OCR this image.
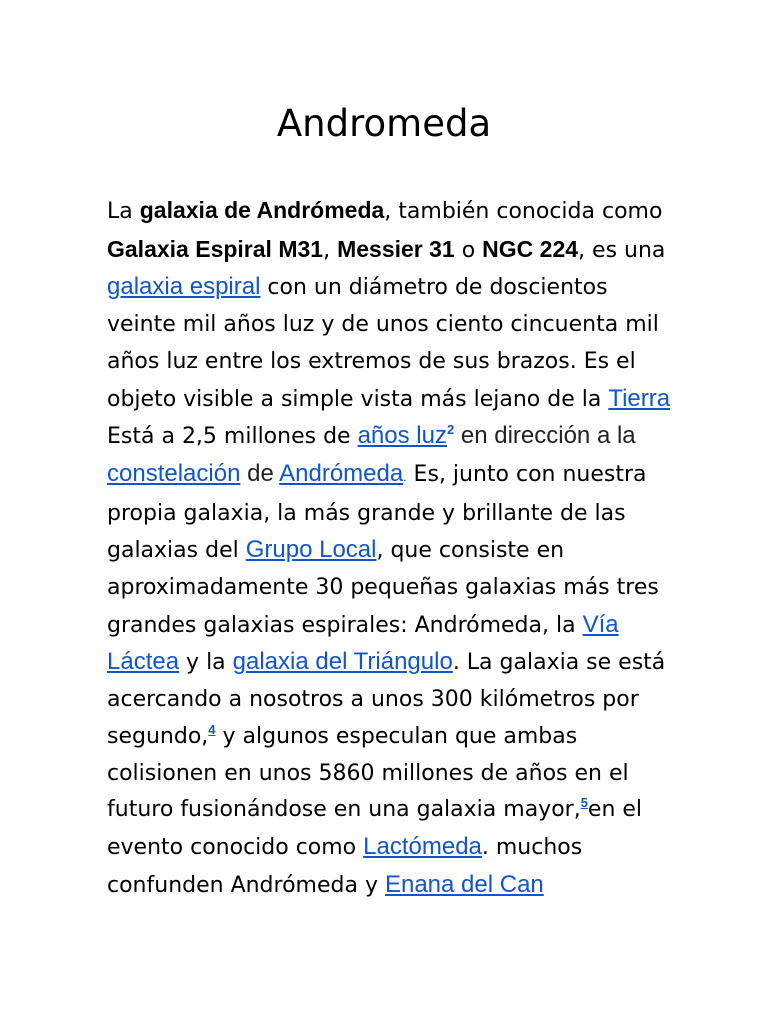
Andromeda

La galaxia de Andrómeda, también conocida como Galaxia Espiral M31, Messier 31 o NGC 224, es una galaxia espiral con un diámetro de doscientos veinte mil años luz y de unos ciento cincuenta mil años luz entre los extremos de sus brazos. Es el objeto visible a simple vista más lejano de la Tierra Está a 2,5 millones de años luz$^2$ en dirección a la constelación de Andrómeda. Es, junto con nuestra propia galaxia, la más grande y brillante de las galaxias del Grupo Local, que consiste en aproximadamente 30 pequeñas galaxias más tres grandes galaxias espirales: Andrómeda, la Vía Láctea y la galaxia del Triángulo. La galaxia se está acercando a nosotros a unos 300 kilómetros por segundo,$^4$ y algunos especulan que ambas colisionen en unos 5860 millones de años en el futuro fusionándose en una galaxia mayor,$^5$en el evento conocido como Lactómeda. muchos confunden Andrómeda y Enana del Can
